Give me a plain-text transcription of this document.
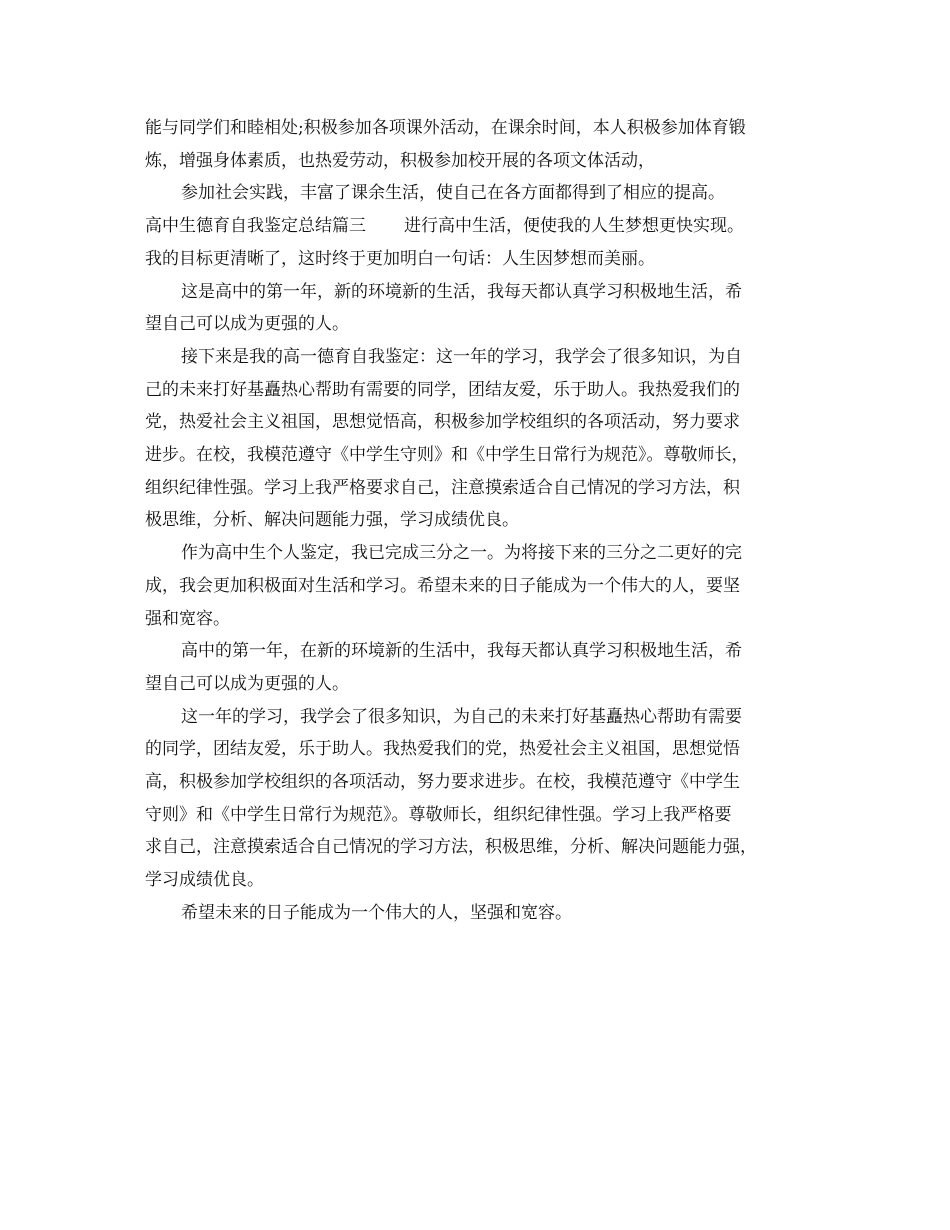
能与同学们和睦相处;积极参加各项课外活动，在课余时间，本人积极参加体育锻

炼，增强身体素质，也热爱劳动，积极参加校开展的各项文体活动，

参加社会实践，丰富了课余生活，使自己在各方面都得到了相应的提高。

高中生德育自我鉴定总结篇三 进行高中生活，便使我的人生梦想更快实现。

我的目标更清晰了，这时终于更加明白一句话：人生因梦想而美丽。

这是高中的第一年，新的环境新的生活，我每天都认真学习积极地生活，希

望自己可以成为更强的人。

接下来是我的高一德育自我鉴定：这一年的学习，我学会了很多知识，为自

己的未来打好基矗热心帮助有需要的同学，团结友爱，乐于助人。我热爱我们的

党，热爱社会主义祖国，思想觉悟高，积极参加学校组织的各项活动，努力要求

进步。在校，我模范遵守《中学生守则》和《中学生日常行为规范》。尊敬师长，

组织纪律性强。学习上我严格要求自己，注意摸索适合自己情况的学习方法，积

极思维，分析、解决问题能力强，学习成绩优良。

作为高中生个人鉴定，我已完成三分之一。为将接下来的三分之二更好的完

成，我会更加积极面对生活和学习。希望未来的日子能成为一个伟大的人，要坚

强和宽容。

高中的第一年，在新的环境新的生活中，我每天都认真学习积极地生活，希

望自己可以成为更强的人。

这一年的学习，我学会了很多知识，为自己的未来打好基矗热心帮助有需要

的同学，团结友爱，乐于助人。我热爱我们的党，热爱社会主义祖国，思想觉悟

高，积极参加学校组织的各项活动，努力要求进步。在校，我模范遵守《中学生

守则》和《中学生日常行为规范》。尊敬师长，组织纪律性强。学习上我严格要

求自己，注意摸索适合自己情况的学习方法，积极思维，分析、解决问题能力强，

学习成绩优良。

希望未来的日子能成为一个伟大的人，坚强和宽容。
